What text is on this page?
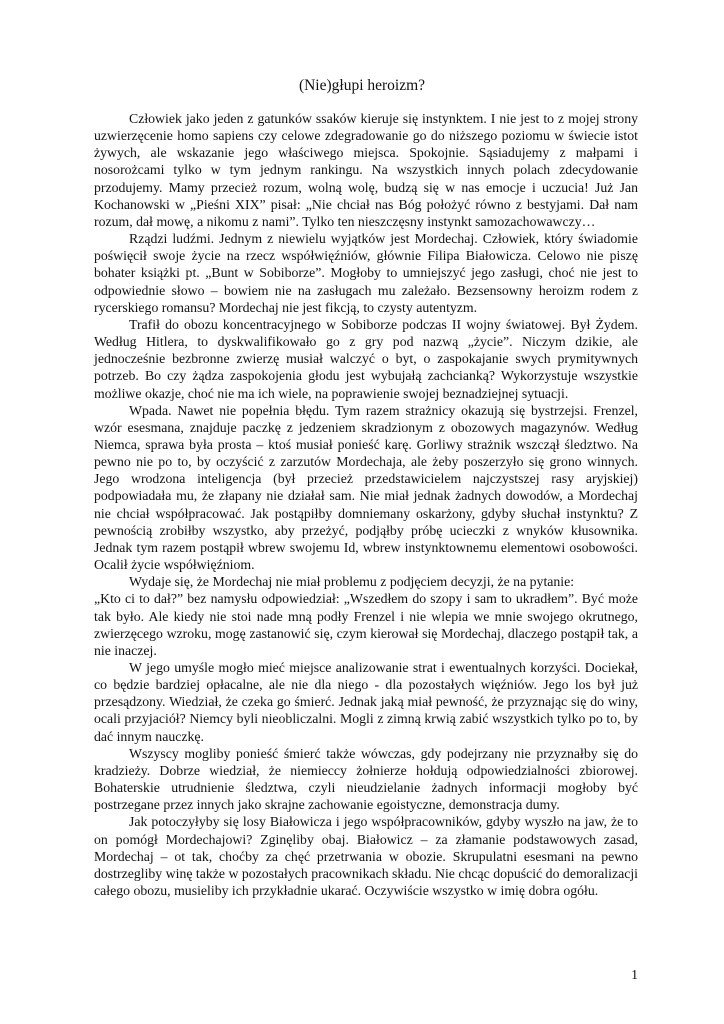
(Nie)głupi heroizm?

Człowiek jako jeden z gatunków ssaków kieruje się instynktem. I nie jest to z mojej strony uzwierzęcenie homo sapiens czy celowe zdegradowanie go do niższego poziomu w świecie istot żywych, ale wskazanie jego właściwego miejsca. Spokojnie. Sąsiadujemy z małpami i nosorożcami tylko w tym jednym rankingu. Na wszystkich innych polach zdecydowanie przodujemy. Mamy przecież rozum, wolną wolę, budzą się w nas emocje i uczucia! Już Jan Kochanowski w „Pieśni XIX” pisał: „Nie chciał nas Bóg położyć równo z bestyjami. Dał nam rozum, dał mowę, a nikomu z nami”. Tylko ten nieszczęsny instynkt samozachowawczy…

Rządzi ludźmi. Jednym z niewielu wyjątków jest Mordechaj. Człowiek, który świadomie poświęcił swoje życie na rzecz współwięźniów, głównie Filipa Białowicza. Celowo nie piszę bohater książki pt. „Bunt w Sobiborze”. Mogłoby to umniejszyć jego zasługi, choć nie jest to odpowiednie słowo – bowiem nie na zasługach mu zależało. Bezsensowny heroizm rodem z rycerskiego romansu? Mordechaj nie jest fikcją, to czysty autentyzm.

Trafił do obozu koncentracyjnego w Sobiborze podczas II wojny światowej. Był Żydem. Według Hitlera, to dyskwalifikowało go z gry pod nazwą „życie”. Niczym dzikie, ale jednocześnie bezbronne zwierzę musiał walczyć o byt, o zaspokajanie swych prymitywnych potrzeb. Bo czy żądza zaspokojenia głodu jest wybujałą zachcianką? Wykorzystuje wszystkie możliwe okazje, choć nie ma ich wiele, na poprawienie swojej beznadziejnej sytuacji.

Wpada. Nawet nie popełnia błędu. Tym razem strażnicy okazują się bystrzejsi. Frenzel, wzór esesmana, znajduje paczkę z jedzeniem skradzionym z obozowych magazynów. Według Niemca, sprawa była prosta – ktoś musiał ponieść karę. Gorliwy strażnik wszczął śledztwo. Na pewno nie po to, by oczyścić z zarzutów Mordechaja, ale żeby poszerzyło się grono winnych. Jego wrodzona inteligencja (był przecież przedstawicielem najczystszej rasy aryjskiej) podpowiadała mu, że złapany nie działał sam. Nie miał jednak żadnych dowodów, a Mordechaj nie chciał współpracować. Jak postąpiłby domniemany oskarżony, gdyby słuchał instynktu? Z pewnością zrobiłby wszystko, aby przeżyć, podjąłby próbę ucieczki z wnyków kłusownika. Jednak tym razem postąpił wbrew swojemu Id, wbrew instynktownemu elementowi osobowości. Ocalił życie współwięźniom.

Wydaje się, że Mordechaj nie miał problemu z podjęciem decyzji, że na pytanie:

„Kto ci to dał?” bez namysłu odpowiedział: „Wszedłem do szopy i sam to ukradłem”. Być może tak było. Ale kiedy nie stoi nade mną podły Frenzel i nie wlepia we mnie swojego okrutnego, zwierzęcego wzroku, mogę zastanowić się, czym kierował się Mordechaj, dlaczego postąpił tak, a nie inaczej.

W jego umyśle mogło mieć miejsce analizowanie strat i ewentualnych korzyści. Dociekał, co będzie bardziej opłacalne, ale nie dla niego - dla pozostałych więźniów. Jego los był już przesądzony. Wiedział, że czeka go śmierć. Jednak jaką miał pewność, że przyznając się do winy, ocali przyjaciół? Niemcy byli nieobliczalni. Mogli z zimną krwią zabić wszystkich tylko po to, by dać innym nauczkę.

Wszyscy mogliby ponieść śmierć także wówczas, gdy podejrzany nie przyznałby się do kradzieży. Dobrze wiedział, że niemieccy żołnierze hołdują odpowiedzialności zbiorowej. Bohaterskie utrudnienie śledztwa, czyli nieudzielanie żadnych informacji mogłoby być postrzegane przez innych jako skrajne zachowanie egoistyczne, demonstracja dumy.

Jak potoczyłyby się losy Białowicza i jego współpracowników, gdyby wyszło na jaw, że to on pomógł Mordechajowi? Zginęliby obaj. Białowicz – za złamanie podstawowych zasad, Mordechaj – ot tak, choćby za chęć przetrwania w obozie. Skrupulatni esesmani na pewno dostrzegliby winę także w pozostałych pracownikach składu. Nie chcąc dopuścić do demoralizacji całego obozu, musieliby ich przykładnie ukarać. Oczywiście wszystko w imię dobra ogółu.

1
